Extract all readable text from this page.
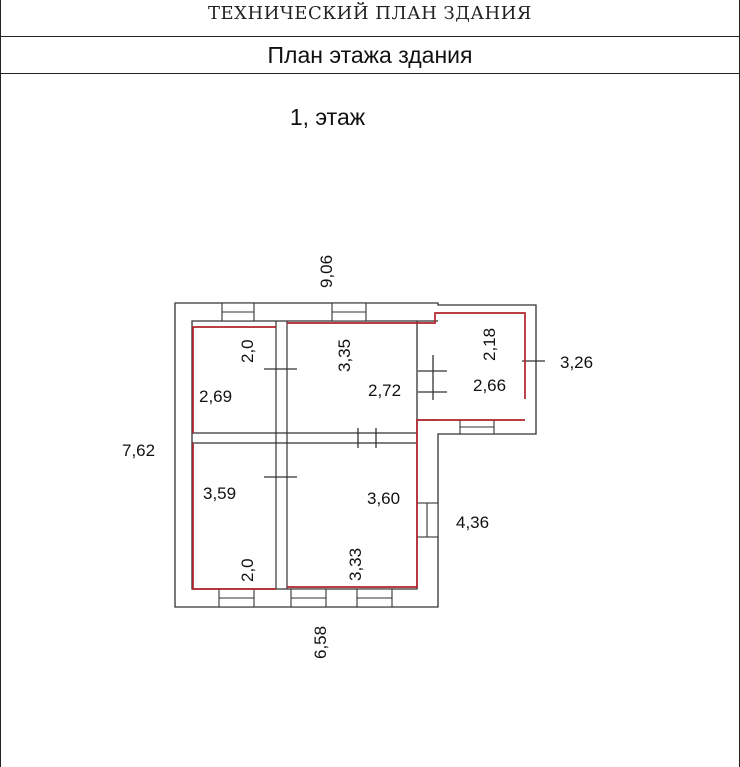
ТЕХНИЧЕСКИЙ ПЛАН ЗДАНИЯ
План этажа здания
1, этаж
9,06
7,62
6,58
4,36
3,26
2,0
2,69
3,35
2,72
2,18
2,66
3,59
2,0
3,60
3,33
